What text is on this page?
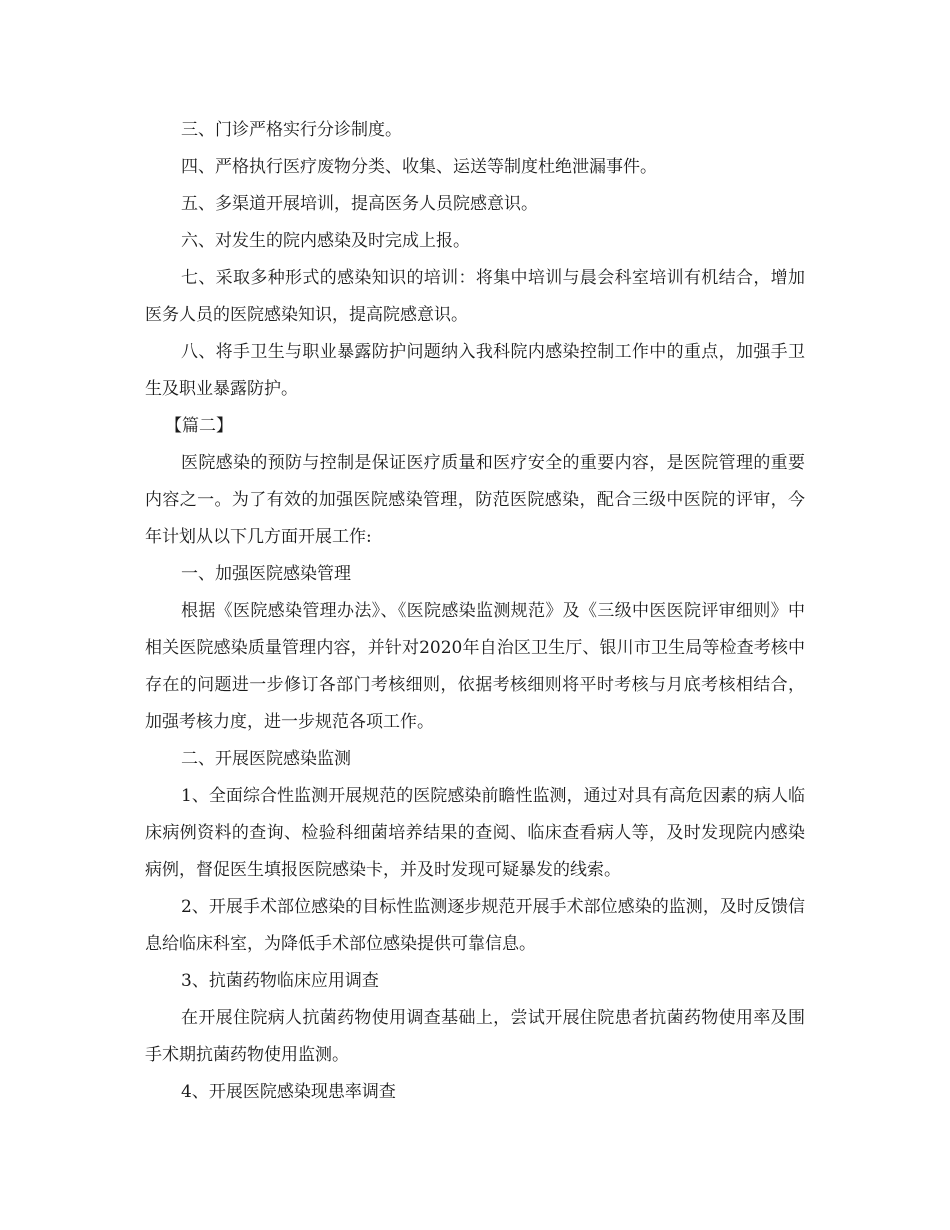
三、门诊严格实行分诊制度。

四、严格执行医疗废物分类、收集、运送等制度杜绝泄漏事件。

五、多渠道开展培训，提高医务人员院感意识。

六、对发生的院内感染及时完成上报。

七、采取多种形式的感染知识的培训：将集中培训与晨会科室培训有机结合，增加医务人员的医院感染知识，提高院感意识。

八、将手卫生与职业暴露防护问题纳入我科院内感染控制工作中的重点，加强手卫生及职业暴露防护。

【篇二】

医院感染的预防与控制是保证医疗质量和医疗安全的重要内容，是医院管理的重要内容之一。为了有效的加强医院感染管理，防范医院感染，配合三级中医院的评审，今年计划从以下几方面开展工作:

一、加强医院感染管理

根据《医院感染管理办法》、《医院感染监测规范》及《三级中医医院评审细则》中相关医院感染质量管理内容，并针对2020年自治区卫生厅、银川市卫生局等检查考核中存在的问题进一步修订各部门考核细则，依据考核细则将平时考核与月底考核相结合，加强考核力度，进一步规范各项工作。

二、开展医院感染监测

1、全面综合性监测开展规范的医院感染前瞻性监测，通过对具有高危因素的病人临床病例资料的查询、检验科细菌培养结果的查阅、临床查看病人等，及时发现院内感染病例，督促医生填报医院感染卡，并及时发现可疑暴发的线索。

2、开展手术部位感染的目标性监测逐步规范开展手术部位感染的监测，及时反馈信息给临床科室，为降低手术部位感染提供可靠信息。

3、抗菌药物临床应用调查

在开展住院病人抗菌药物使用调查基础上，尝试开展住院患者抗菌药物使用率及围手术期抗菌药物使用监测。

4、开展医院感染现患率调查
